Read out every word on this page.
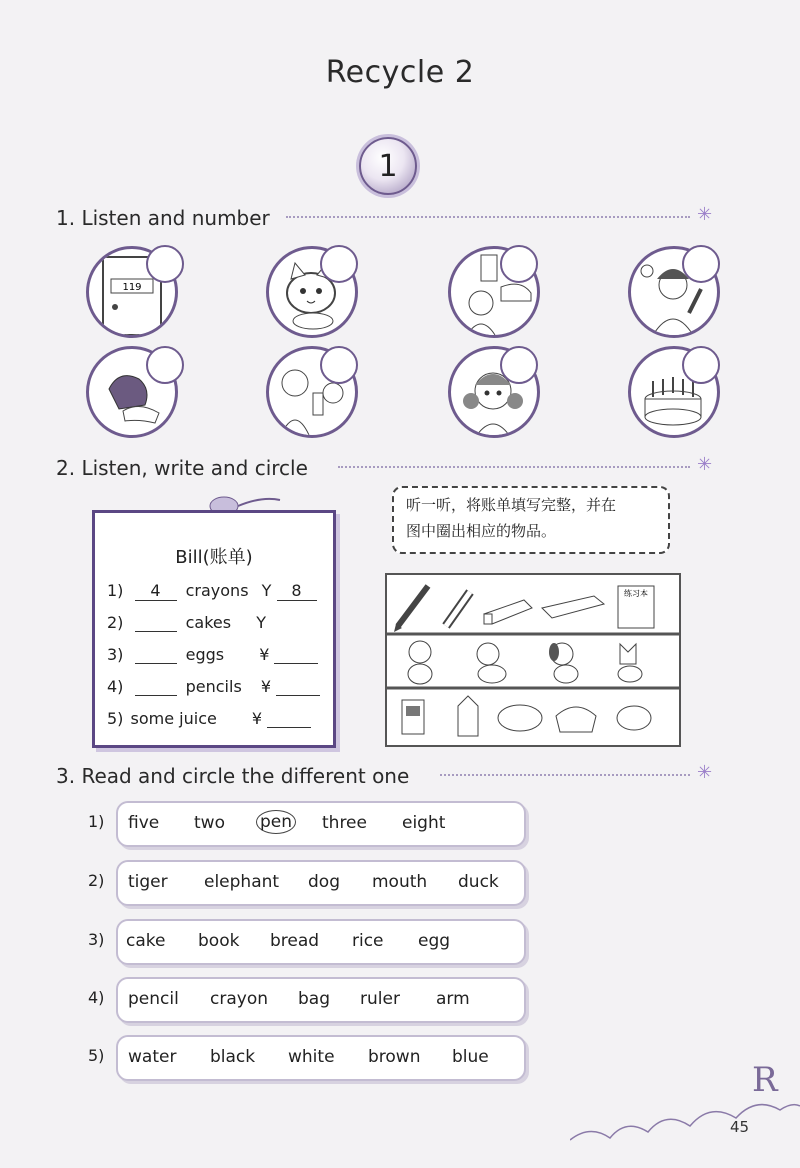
Recycle 2
1
1. Listen and number	✳
119
2. Listen, write and circle	✳
Bill(账单)
1) 4 crayons Y 8
2)	cakes Y
3)	eggs ¥
4)	pencils ¥
5) some juice ¥
听一听，将账单填写完整，并在
图中圈出相应的物品。
练习本
3. Read and circle the different one	✳
1) five two pen three eight
2) tiger elephant dog mouth duck
3) cake book bread rice egg
4) pencil crayon bag ruler arm
5) water black white brown blue
R
45
